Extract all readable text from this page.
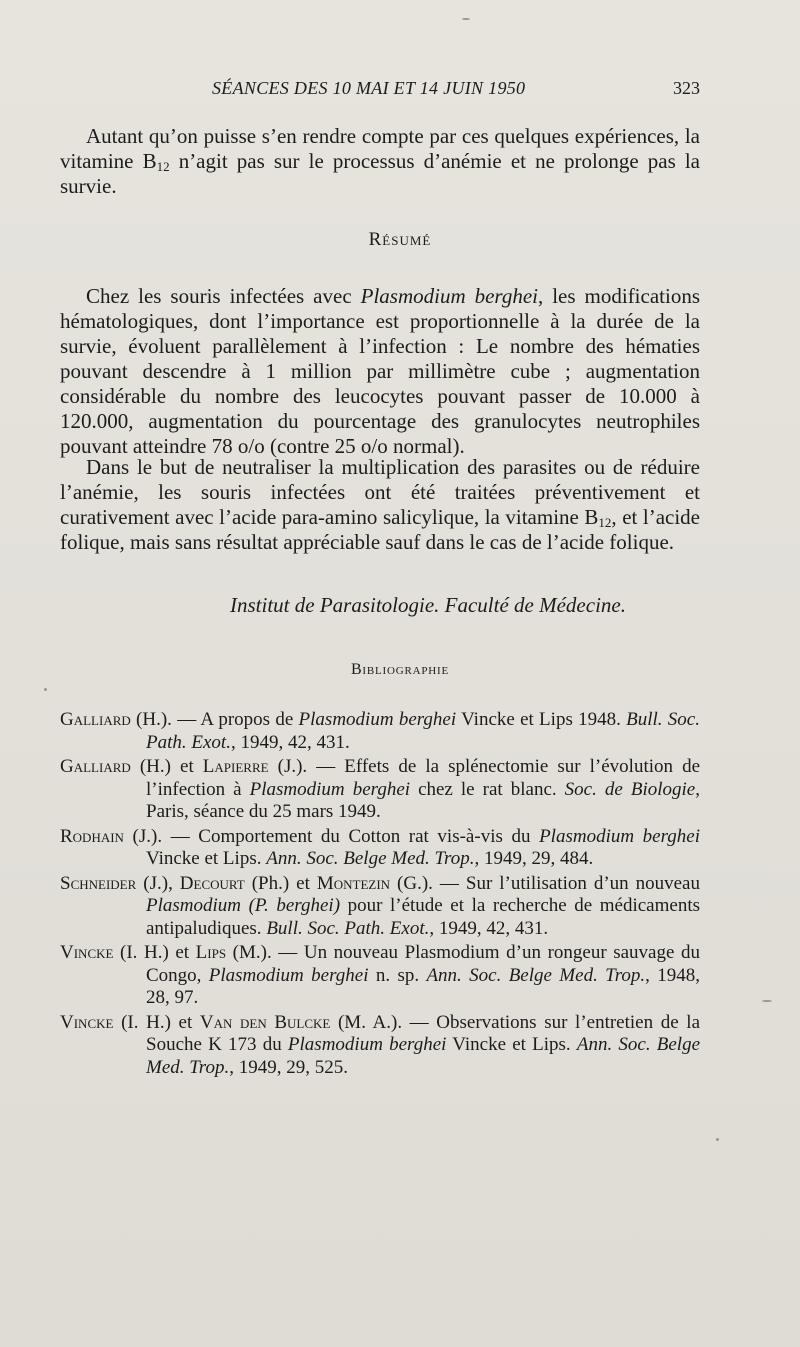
SÉANCES DES 10 MAI ET 14 JUIN 1950	323

Autant qu’on puisse s’en rendre compte par ces quelques expériences, la vitamine $B_{12}$ n’agit pas sur le processus d’anémie et ne prolonge pas la survie.

Résumé

Chez les souris infectées avec Plasmodium berghei, les modifications hématologiques, dont l’importance est proportionnelle à la durée de la survie, évoluent parallèlement à l’infection : Le nombre des hématies pouvant descendre à 1 million par millimètre cube ; augmentation considérable du nombre des leucocytes pouvant passer de 10.000 à 120.000, augmentation du pourcentage des granulocytes neutrophiles pouvant atteindre 78 o/o (contre 25 o/o normal).

Dans le but de neutraliser la multiplication des parasites ou de réduire l’anémie, les souris infectées ont été traitées préventivement et curativement avec l’acide para-amino salicylique, la vitamine $B_{12}$, et l’acide folique, mais sans résultat appréciable sauf dans le cas de l’acide folique.

Institut de Parasitologie. Faculté de Médecine.
Bibliographie
Galliard (H.). — A propos de Plasmodium berghei Vincke et Lips 1948. Bull. Soc. Path. Exot., 1949, 42, 431.
Galliard (H.) et Lapierre (J.). — Effets de la splénectomie sur l’évolution de l’infection à Plasmodium berghei chez le rat blanc. Soc. de Biologie, Paris, séance du 25 mars 1949.
Rodhain (J.). — Comportement du Cotton rat vis-à-vis du Plasmodium berghei Vincke et Lips. Ann. Soc. Belge Med. Trop., 1949, 29, 484.
Schneider (J.), Decourt (Ph.) et Montezin (G.). — Sur l’utilisation d’un nouveau Plasmodium (P. berghei) pour l’étude et la recherche de médicaments antipaludiques. Bull. Soc. Path. Exot., 1949, 42, 431.
Vincke (I. H.) et Lips (M.). — Un nouveau Plasmodium d’un rongeur sauvage du Congo, Plasmodium berghei n. sp. Ann. Soc. Belge Med. Trop., 1948, 28, 97.
Vincke (I. H.) et Van den Bulcke (M. A.). — Observations sur l’entretien de la Souche K 173 du Plasmodium berghei Vincke et Lips. Ann. Soc. Belge Med. Trop., 1949, 29, 525.
